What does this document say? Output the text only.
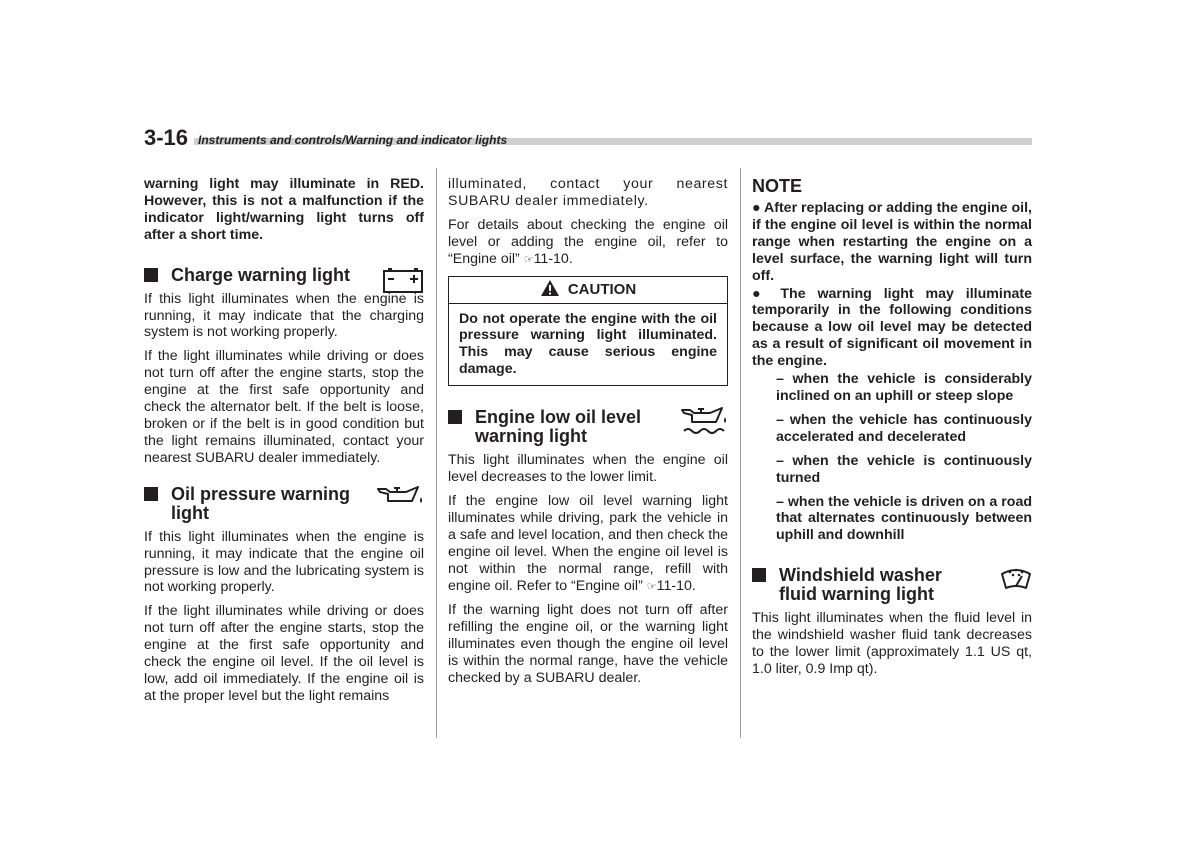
3-16 Instruments and controls/Warning and indicator lights

warning light may illuminate in RED. However, this is not a malfunction if the indicator light/warning light turns off after a short time.

Charge warning light

If this light illuminates when the engine is running, it may indicate that the charging system is not working properly.

If the light illuminates while driving or does not turn off after the engine starts, stop the engine at the first safe opportunity and check the alternator belt. If the belt is loose, broken or if the belt is in good condition but the light remains illuminated, contact your nearest SUBARU dealer immediately.

Oil pressure warning
light

If this light illuminates when the engine is running, it may indicate that the engine oil pressure is low and the lubricating system is not working properly.

If the light illuminates while driving or does not turn off after the engine starts, stop the engine at the first safe opportunity and check the engine oil level. If the oil level is low, add oil immediately. If the engine oil is at the proper level but the light remains

illuminated, contact your nearest SUBARU dealer immediately.

For details about checking the engine oil level or adding the engine oil, refer to “Engine oil” ☞11-10.

CAUTION
Do not operate the engine with the oil pressure warning light illuminated. This may cause serious engine damage.
Engine low oil level
warning light

This light illuminates when the engine oil level decreases to the lower limit.

If the engine low oil level warning light illuminates while driving, park the vehicle in a safe and level location, and then check the engine oil level. When the engine oil level is not within the normal range, refill with engine oil. Refer to “Engine oil” ☞11-10.

If the warning light does not turn off after refilling the engine oil, or the warning light illuminates even though the engine oil level is within the normal range, have the vehicle checked by a SUBARU dealer.

NOTE

● After replacing or adding the engine oil, if the engine oil level is within the normal range when restarting the engine on a level surface, the warning light will turn off.

● The warning light may illuminate temporarily in the following conditions because a low oil level may be detected as a result of significant oil movement in the engine.

– when the vehicle is considerably inclined on an uphill or steep slope

– when the vehicle has continuously accelerated and decelerated

– when the vehicle is continuously turned

– when the vehicle is driven on a road that alternates continuously between uphill and downhill

Windshield washer
fluid warning light

This light illuminates when the fluid level in the windshield washer fluid tank decreases to the lower limit (approximately 1.1 US qt, 1.0 liter, 0.9 Imp qt).
